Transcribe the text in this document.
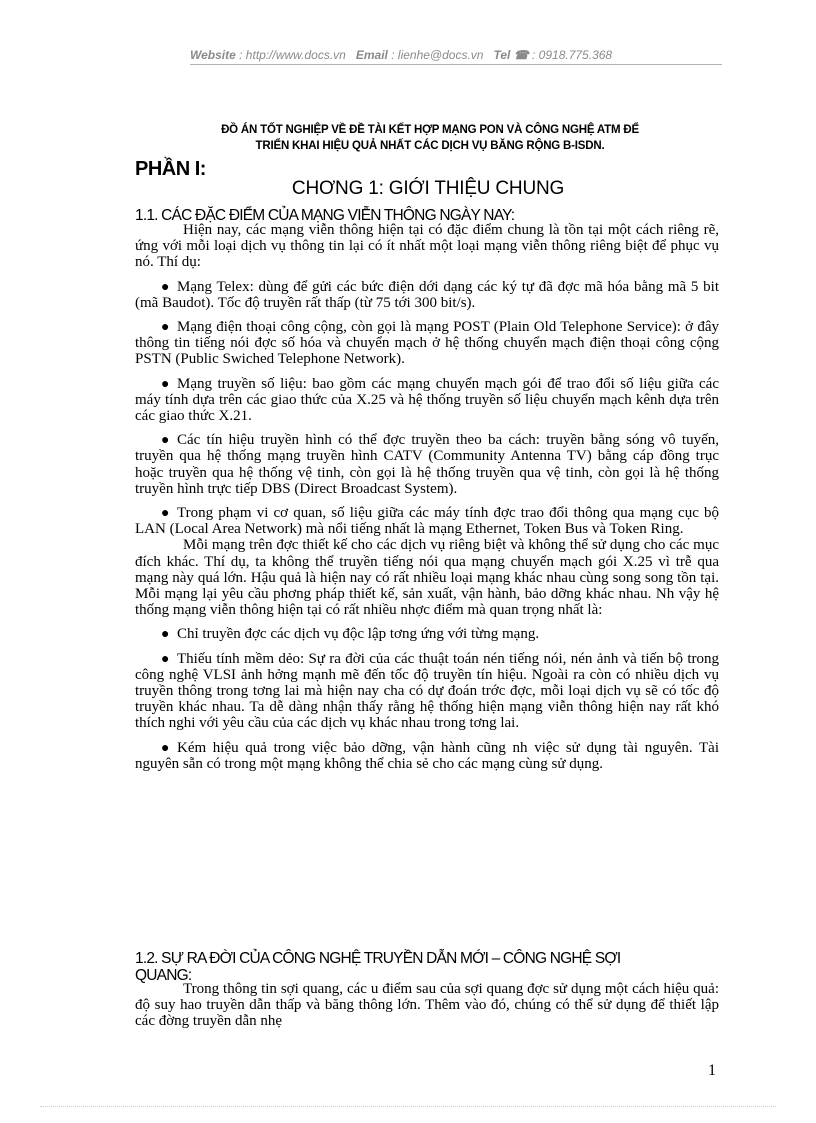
Website : http://www.docs.vn Email : lienhe@docs.vn Tel ☎ : 0918.775.368
ĐỒ ÁN TỐT NGHIỆP VỀ ĐỀ TÀI KẾT HỢP MẠNG PON VÀ CÔNG NGHỆ ATM ĐỂ
TRIỂN KHAI HIỆU QUẢ NHẤT CÁC DỊCH VỤ BĂNG RỘNG B-ISDN.
PHẦN I:
CHƠNG 1: GIỚI THIỆU CHUNG
1.1. CÁC ĐẶC ĐIỂM CỦA MẠNG VIỄN THÔNG NGÀY NAY:
Hiện nay, các mạng viễn thông hiện tại có đặc điểm chung là tồn tại một cách riêng rẽ, ứng với mỗi loại dịch vụ thông tin lại có ít nhất một loại mạng viễn thông riêng biệt để phục vụ nó. Thí dụ:
● Mạng Telex: dùng để gửi các bức điện dới dạng các ký tự đã đợc mã hóa bằng mã 5 bit (mã Baudot). Tốc độ truyền rất thấp (từ 75 tới 300 bit/s).
● Mạng điện thoại công cộng, còn gọi là mạng POST (Plain Old Telephone Service): ở đây thông tin tiếng nói đợc số hóa và chuyển mạch ở hệ thống chuyển mạch điện thoại công cộng PSTN (Public Swiched Telephone Network).
● Mạng truyền số liệu: bao gồm các mạng chuyển mạch gói để trao đổi số liệu giữa các máy tính dựa trên các giao thức của X.25 và hệ thống truyền số liệu chuyển mạch kênh dựa trên các giao thức X.21.
● Các tín hiệu truyền hình có thể đợc truyền theo ba cách: truyền bằng sóng vô tuyến, truyền qua hệ thống mạng truyền hình CATV (Community Antenna TV) bằng cáp đồng trục hoặc truyền qua hệ thống vệ tinh, còn gọi là hệ thống truyền qua vệ tinh, còn gọi là hệ thống truyền hình trực tiếp DBS (Direct Broadcast System).
● Trong phạm vi cơ quan, số liệu giữa các máy tính đợc trao đổi thông qua mạng cục bộ LAN (Local Area Network) mà nổi tiếng nhất là mạng Ethernet, Token Bus và Token Ring.
Mỗi mạng trên đợc thiết kế cho các dịch vụ riêng biệt và không thể sử dụng cho các mục đích khác. Thí dụ, ta không thể truyền tiếng nói qua mạng chuyển mạch gói X.25 vì trễ qua mạng này quá lớn. Hậu quả là hiện nay có rất nhiều loại mạng khác nhau cùng song song tồn tại. Mỗi mạng lại yêu cầu phơng pháp thiết kế, sản xuất, vận hành, bảo dỡng khác nhau. Nh vậy hệ thống mạng viễn thông hiện tại có rất nhiều nhợc điểm mà quan trọng nhất là:
● Chỉ truyền đợc các dịch vụ độc lập tơng ứng với từng mạng.
● Thiếu tính mềm dẻo: Sự ra đời của các thuật toán nén tiếng nói, nén ảnh và tiến bộ trong công nghệ VLSI ảnh hởng mạnh mẽ đến tốc độ truyền tín hiệu. Ngoài ra còn có nhiều dịch vụ truyền thông trong tơng lai mà hiện nay cha có dự đoán trớc đợc, mỗi loại dịch vụ sẽ có tốc độ truyền khác nhau. Ta dễ dàng nhận thấy rằng hệ thống hiện mạng viễn thông hiện nay rất khó thích nghi với yêu cầu của các dịch vụ khác nhau trong tơng lai.
● Kém hiệu quả trong việc bảo dỡng, vận hành cũng nh việc sử dụng tài nguyên. Tài nguyên sẵn có trong một mạng không thể chia sẻ cho các mạng cùng sử dụng.
1.2. SỰ RA ĐỜI CỦA CÔNG NGHỆ TRUYỀN DẪN MỚI – CÔNG NGHỆ SỢI QUANG:
Trong thông tin sợi quang, các u điểm sau của sợi quang đợc sử dụng một cách hiệu quả: độ suy hao truyền dẫn thấp và băng thông lớn. Thêm vào đó, chúng có thể sử dụng để thiết lập các đờng truyền dẫn nhẹ
1
